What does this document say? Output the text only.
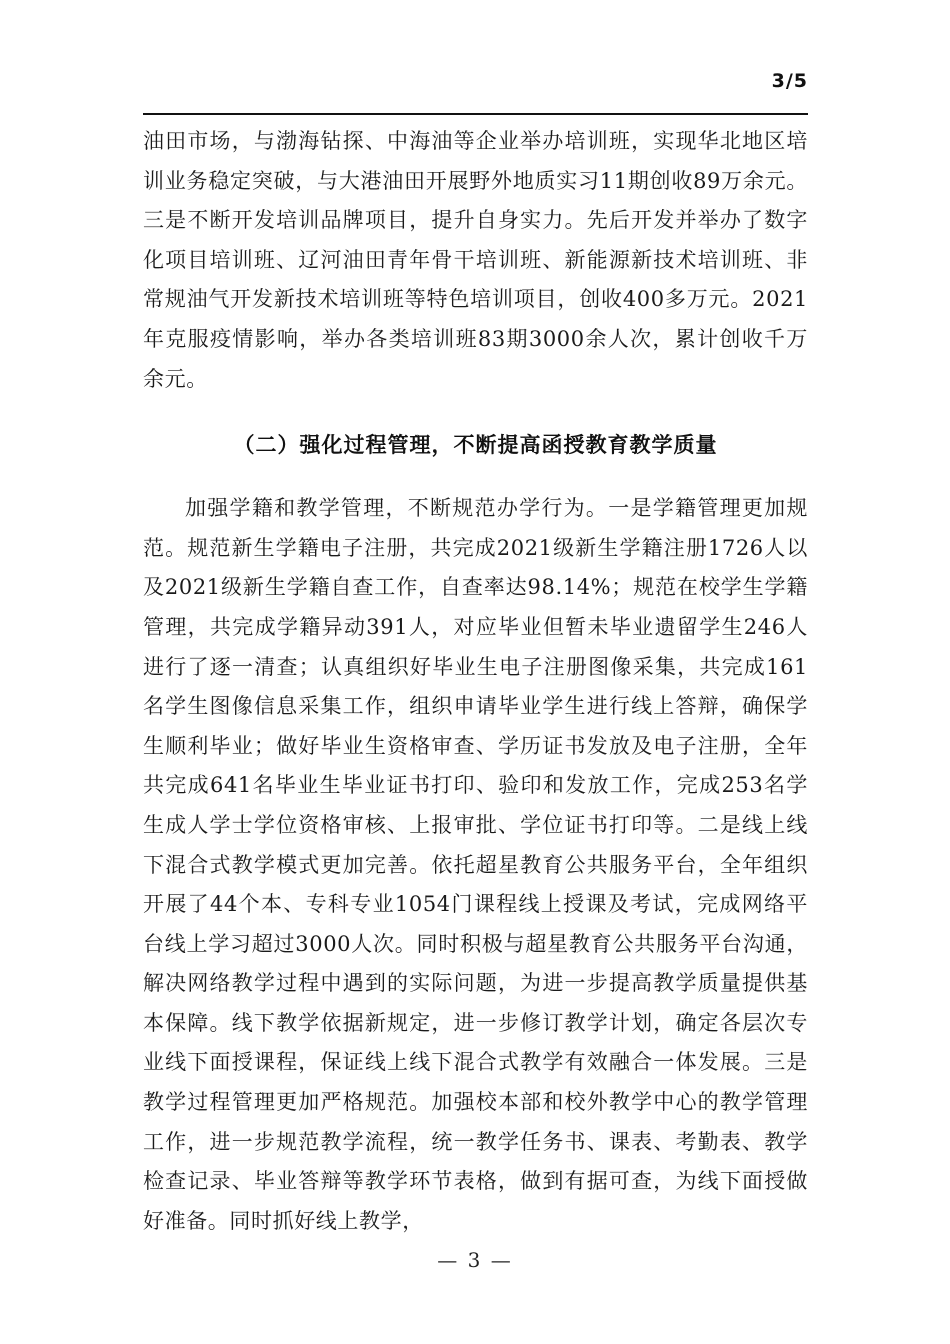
3/5

油田市场，与渤海钻探、中海油等企业举办培训班，实现华北地区培训业务稳定突破，与大港油田开展野外地质实习11期创收89万余元。三是不断开发培训品牌项目，提升自身实力。先后开发并举办了数字化项目培训班、辽河油田青年骨干培训班、新能源新技术培训班、非常规油气开发新技术培训班等特色培训项目，创收400多万元。2021年克服疫情影响，举办各类培训班83期3000余人次，累计创收千万余元。

（二）强化过程管理，不断提高函授教育教学质量

加强学籍和教学管理，不断规范办学行为。一是学籍管理更加规范。规范新生学籍电子注册，共完成2021级新生学籍注册1726人以及2021级新生学籍自查工作，自查率达98.14%；规范在校学生学籍管理，共完成学籍异动391人，对应毕业但暂未毕业遗留学生246人进行了逐一清查；认真组织好毕业生电子注册图像采集，共完成161名学生图像信息采集工作，组织申请毕业学生进行线上答辩，确保学生顺利毕业；做好毕业生资格审查、学历证书发放及电子注册，全年共完成641名毕业生毕业证书打印、验印和发放工作，完成253名学生成人学士学位资格审核、上报审批、学位证书打印等。二是线上线下混合式教学模式更加完善。依托超星教育公共服务平台，全年组织开展了44个本、专科专业1054门课程线上授课及考试，完成网络平台线上学习超过3000人次。同时积极与超星教育公共服务平台沟通，解决网络教学过程中遇到的实际问题，为进一步提高教学质量提供基本保障。线下教学依据新规定，进一步修订教学计划，确定各层次专业线下面授课程，保证线上线下混合式教学有效融合一体发展。三是教学过程管理更加严格规范。加强校本部和校外教学中心的教学管理工作，进一步规范教学流程，统一教学任务书、课表、考勤表、教学检查记录、毕业答辩等教学环节表格，做到有据可查，为线下面授做好准备。同时抓好线上教学，

— 3 —
